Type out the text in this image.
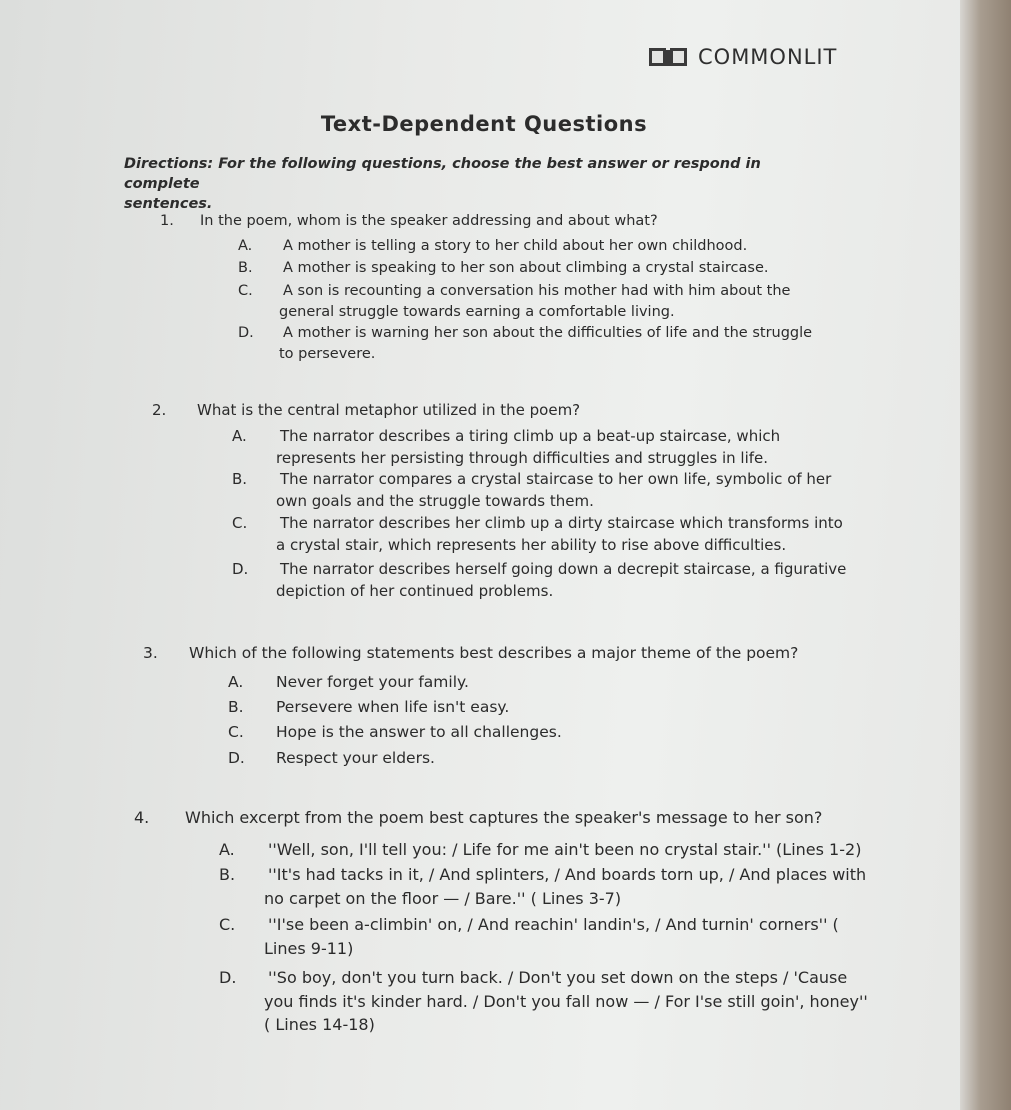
COMMONLIT
Text-Dependent Questions
Directions: For the following questions, choose the best answer or respond in complete
sentences.
1. In the poem, whom is the speaker addressing and about what?
A. A mother is telling a story to her child about her own childhood.
B. A mother is speaking to her son about climbing a crystal staircase.
C. A son is recounting a conversation his mother had with him about the
general struggle towards earning a comfortable living.
D. A mother is warning her son about the difficulties of life and the struggle
to persevere.
2. What is the central metaphor utilized in the poem?
A. The narrator describes a tiring climb up a beat-up staircase, which
represents her persisting through difficulties and struggles in life.
B. The narrator compares a crystal staircase to her own life, symbolic of her
own goals and the struggle towards them.
C. The narrator describes her climb up a dirty staircase which transforms into
a crystal stair, which represents her ability to rise above difficulties.
D. The narrator describes herself going down a decrepit staircase, a figurative
depiction of her continued problems.
3. Which of the following statements best describes a major theme of the poem?
A. Never forget your family.
B. Persevere when life isn't easy.
C. Hope is the answer to all challenges.
D. Respect your elders.
4. Which excerpt from the poem best captures the speaker's message to her son?
A. ''Well, son, I'll tell you: / Life for me ain't been no crystal stair.'' (Lines 1-2)
B. ''It's had tacks in it, / And splinters, / And boards torn up, / And places with
no carpet on the floor — / Bare.'' ( Lines 3-7)
C. ''I'se been a-climbin' on, / And reachin' landin's, / And turnin' corners'' (
Lines 9-11)
D. ''So boy, don't you turn back. / Don't you set down on the steps / 'Cause
you finds it's kinder hard. / Don't you fall now — / For I'se still goin', honey''
( Lines 14-18)
